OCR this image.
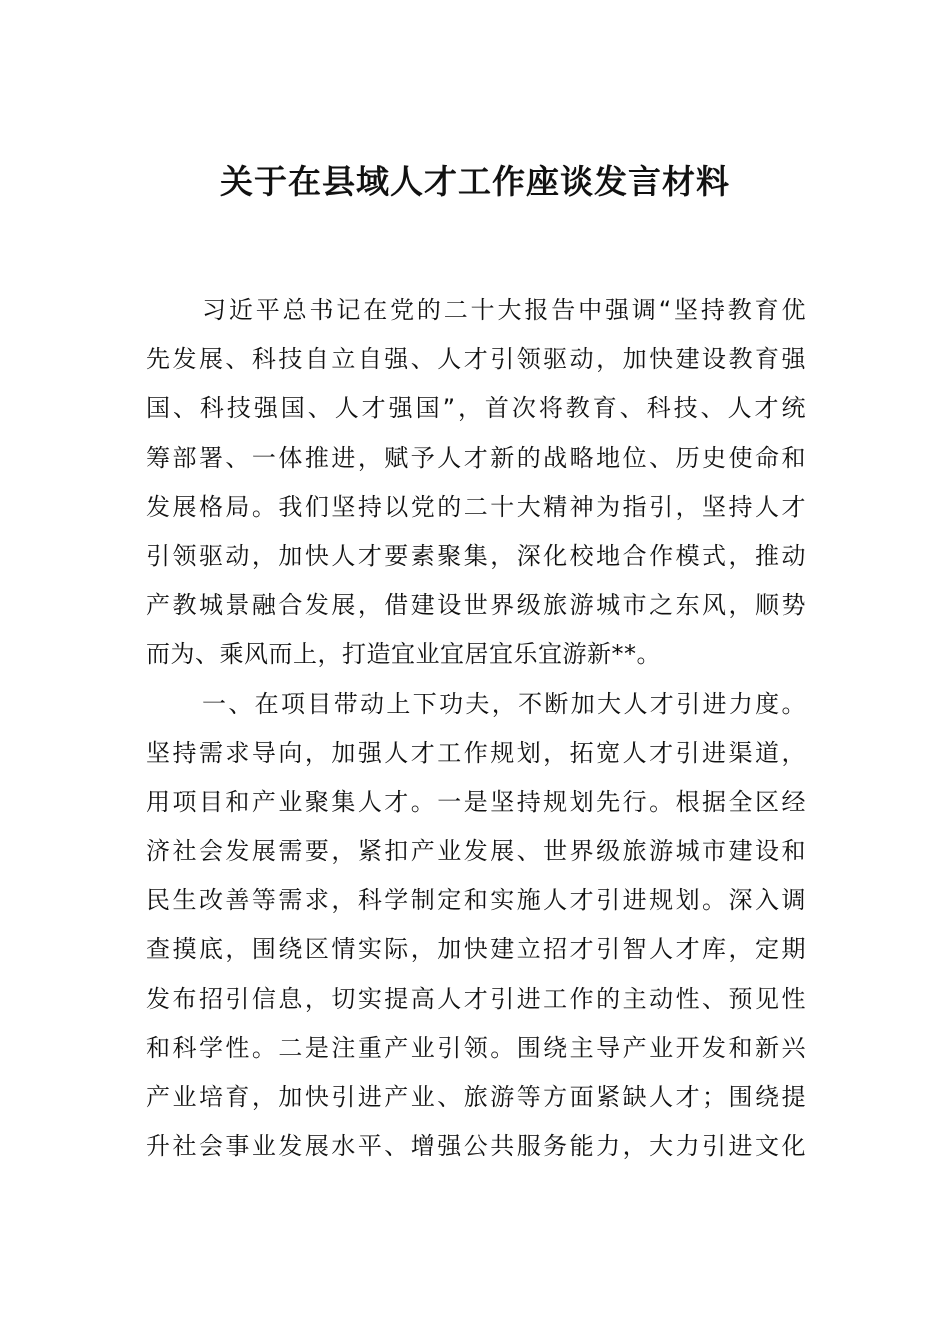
关于在县域人才工作座谈发言材料
习近平总书记在党的二十大报告中强调“坚持教育优
先发展、科技自立自强、人才引领驱动，加快建设教育强
国、科技强国、人才强国”，首次将教育、科技、人才统
筹部署、一体推进，赋予人才新的战略地位、历史使命和
发展格局。我们坚持以党的二十大精神为指引，坚持人才
引领驱动，加快人才要素聚集，深化校地合作模式，推动
产教城景融合发展，借建设世界级旅游城市之东风，顺势
而为、乘风而上，打造宜业宜居宜乐宜游新**。
一、在项目带动上下功夫，不断加大人才引进力度。
坚持需求导向，加强人才工作规划，拓宽人才引进渠道，
用项目和产业聚集人才。一是坚持规划先行。根据全区经
济社会发展需要，紧扣产业发展、世界级旅游城市建设和
民生改善等需求，科学制定和实施人才引进规划。深入调
查摸底，围绕区情实际，加快建立招才引智人才库，定期
发布招引信息，切实提高人才引进工作的主动性、预见性
和科学性。二是注重产业引领。围绕主导产业开发和新兴
产业培育，加快引进产业、旅游等方面紧缺人才；围绕提
升社会事业发展水平、增强公共服务能力，大力引进文化
